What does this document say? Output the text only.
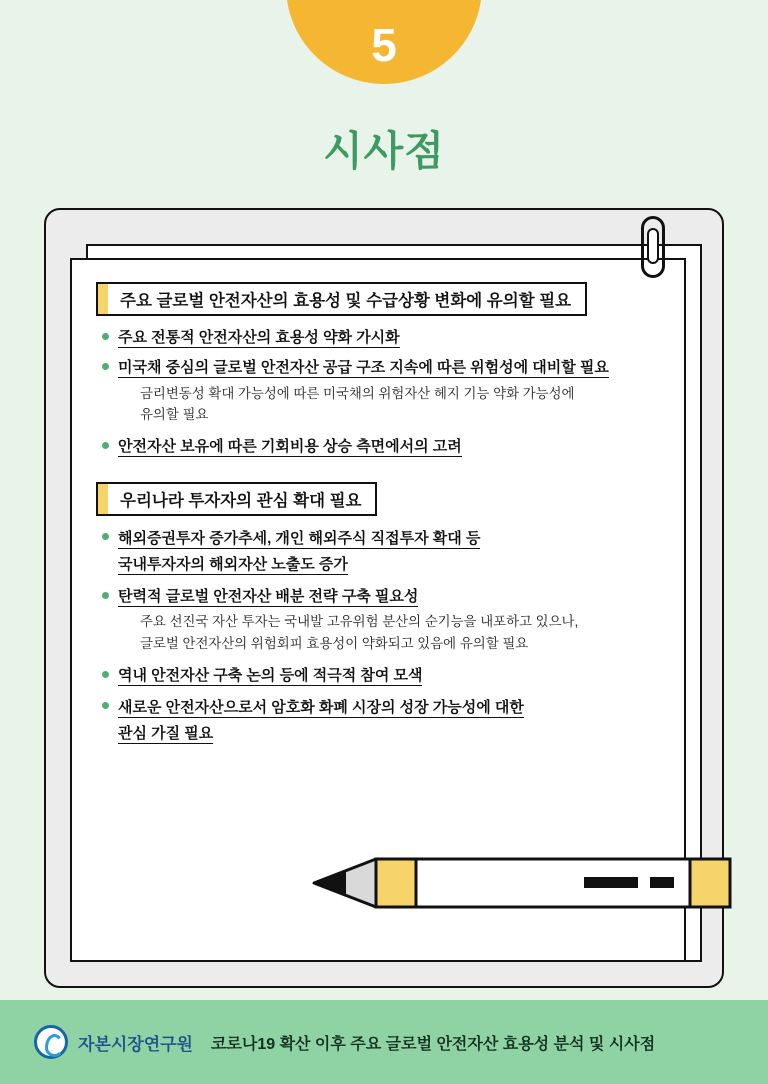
5
시사점
주요 글로벌 안전자산의 효용성 및 수급상황 변화에 유의할 필요
주요 전통적 안전자산의 효용성 약화 가시화
미국채 중심의 글로벌 안전자산 공급 구조 지속에 따른 위험성에 대비할 필요
금리변동성 확대 가능성에 따른 미국채의 위험자산 헤지 기능 약화 가능성에
유의할 필요
안전자산 보유에 따른 기회비용 상승 측면에서의 고려
우리나라 투자자의 관심 확대 필요
해외증권투자 증가추세, 개인 해외주식 직접투자 확대 등
국내투자자의 해외자산 노출도 증가
탄력적 글로벌 안전자산 배분 전략 구축 필요성
주요 선진국 자산 투자는 국내발 고유위험 분산의 순기능을 내포하고 있으나,
글로벌 안전자산의 위험회피 효용성이 약화되고 있음에 유의할 필요
역내 안전자산 구축 논의 등에 적극적 참여 모색
새로운 안전자산으로서 암호화 화폐 시장의 성장 가능성에 대한
관심 가질 필요
자본시장연구원 코로나19 확산 이후 주요 글로벌 안전자산 효용성 분석 및 시사점
